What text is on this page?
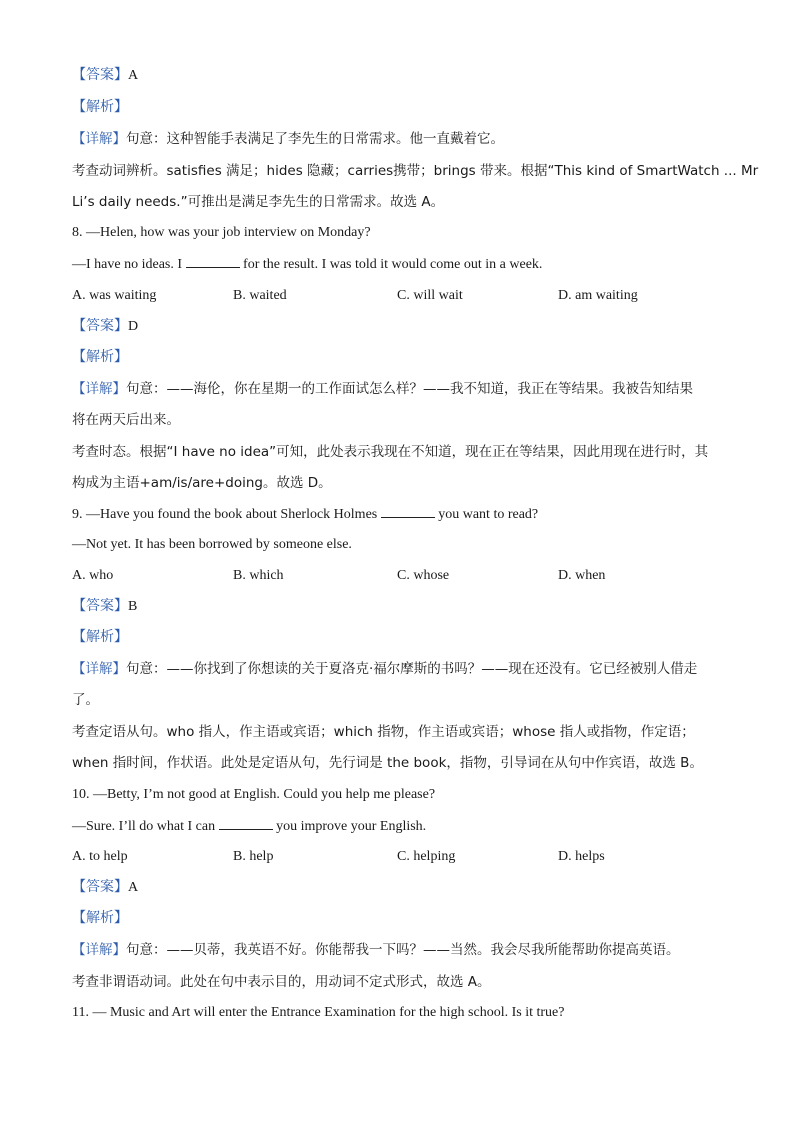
【答案】A
【解析】
【详解】句意：这种智能手表满足了李先生的日常需求。他一直戴着它。
考查动词辨析。satisfies 满足；hides 隐藏；carries携带；brings 带来。根据“This kind of SmartWatch ... Mr
Li’s daily needs.”可推出是满足李先生的日常需求。故选 A。
8. —Helen, how was your job interview on Monday?
—I have no ideas. I	for the result. I was told it would come out in a week.
A. was waiting	B. waited	C. will wait	D. am waiting
【答案】D
【解析】
【详解】句意：——海伦，你在星期一的工作面试怎么样？——我不知道，我正在等结果。我被告知结果
将在两天后出来。
考查时态。根据“I have no idea”可知，此处表示我现在不知道，现在正在等结果，因此用现在进行时，其
构成为主语+am/is/are+doing。故选 D。
9. —Have you found the book about Sherlock Holmes	you want to read?
—Not yet. It has been borrowed by someone else.
A. who	B. which	C. whose	D. when
【答案】B
【解析】
【详解】句意：——你找到了你想读的关于夏洛克·福尔摩斯的书吗？——现在还没有。它已经被别人借走
了。
考查定语从句。who 指人，作主语或宾语；which 指物，作主语或宾语；whose 指人或指物，作定语；
when 指时间，作状语。此处是定语从句，先行词是 the book，指物，引导词在从句中作宾语，故选 B。
10. —Betty, I’m not good at English. Could you help me please?
—Sure. I’ll do what I can	you improve your English.
A. to help	B. help	C. helping	D. helps
【答案】A
【解析】
【详解】句意：——贝蒂，我英语不好。你能帮我一下吗？——当然。我会尽我所能帮助你提高英语。
考查非谓语动词。此处在句中表示目的，用动词不定式形式，故选 A。
11. — Music and Art will enter the Entrance Examination for the high school. Is it true?
